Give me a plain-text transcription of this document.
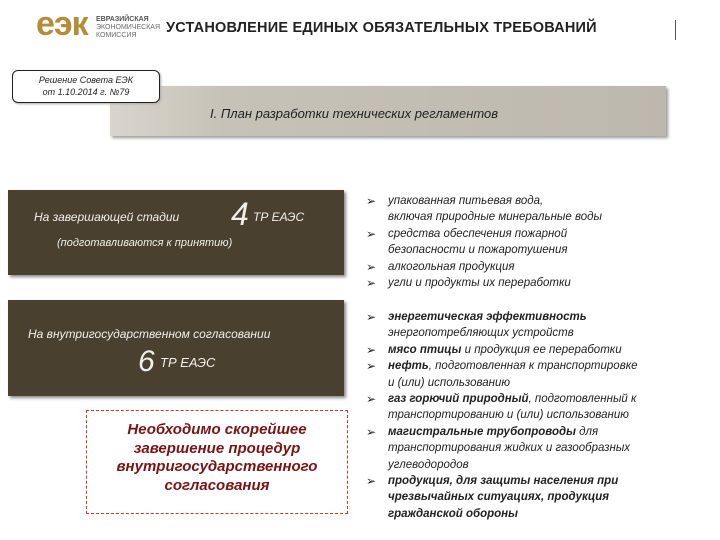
еэк ЕВРАЗИЙСКАЯ
ЭКОНОМИЧЕСКАЯ
КОМИССИЯ	УСТАНОВЛЕНИЕ ЕДИНЫХ ОБЯЗАТЕЛЬНЫХ ТРЕБОВАНИЙ
I. План разработки технических регламентов
Решение Совета ЕЭК
от 1.10.2014 г. №79
На завершающей стадии 4 ТР ЕАЭС
(подготавливаются к принятию)
На внутригосударственном согласовании
6 ТР ЕАЭС
Необходимо скорейшее
завершение процедур
внутригосударственного
согласования
➢ упакованная питьевая вода,
включая природные минеральные воды
➢ средства обеспечения пожарной
безопасности и пожаротушения
➢ алкогольная продукция
➢ угли и продукты их переработки
➢ энергетическая эффективность
энергопотребляющих устройств
➢ мясо птицы и продукция ее переработки
➢ нефть, подготовленная к транспортировке
и (или) использованию
➢ газ горючий природный, подготовленный к
транспортированию и (или) использованию
➢ магистральные трубопроводы для
транспортирования жидких и газообразных
углеводородов
➢ продукция, для защиты населения при
чрезвычайных ситуациях, продукция
гражданской обороны
